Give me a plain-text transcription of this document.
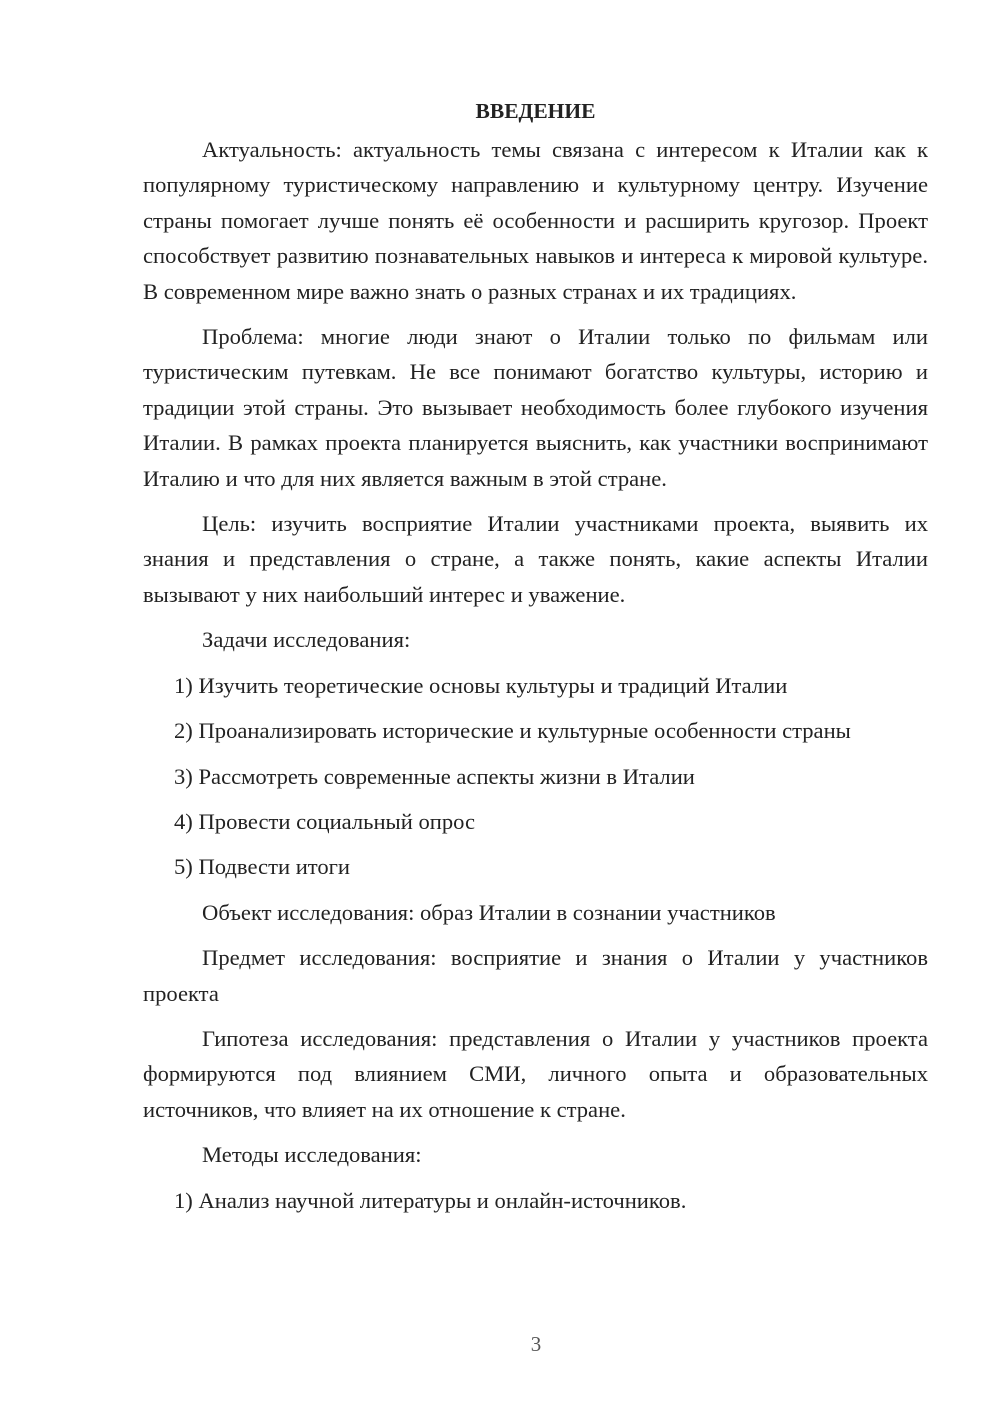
ВВЕДЕНИЕ

Актуальность: актуальность темы связана с интересом к Италии как к популярному туристическому направлению и культурному центру. Изучение страны помогает лучше понять её особенности и расширить кругозор. Проект способствует развитию познавательных навыков и интереса к мировой культуре. В современном мире важно знать о разных странах и их традициях.

Проблема: многие люди знают о Италии только по фильмам или туристическим путевкам. Не все понимают богатство культуры, историю и традиции этой страны. Это вызывает необходимость более глубокого изучения Италии. В рамках проекта планируется выяснить, как участники воспринимают Италию и что для них является важным в этой стране.

Цель: изучить восприятие Италии участниками проекта, выявить их знания и представления о стране, а также понять, какие аспекты Италии вызывают у них наибольший интерес и уважение.

Задачи исследования:

1) Изучить теоретические основы культуры и традиций Италии

2) Проанализировать исторические и культурные особенности страны

3) Рассмотреть современные аспекты жизни в Италии

4) Провести социальный опрос

5) Подвести итоги

Объект исследования: образ Италии в сознании участников

Предмет исследования: восприятие и знания о Италии у участников проекта

Гипотеза исследования: представления о Италии у участников проекта формируются под влиянием СМИ, личного опыта и образовательных источников, что влияет на их отношение к стране.

Методы исследования:

1) Анализ научной литературы и онлайн-источников.

3
